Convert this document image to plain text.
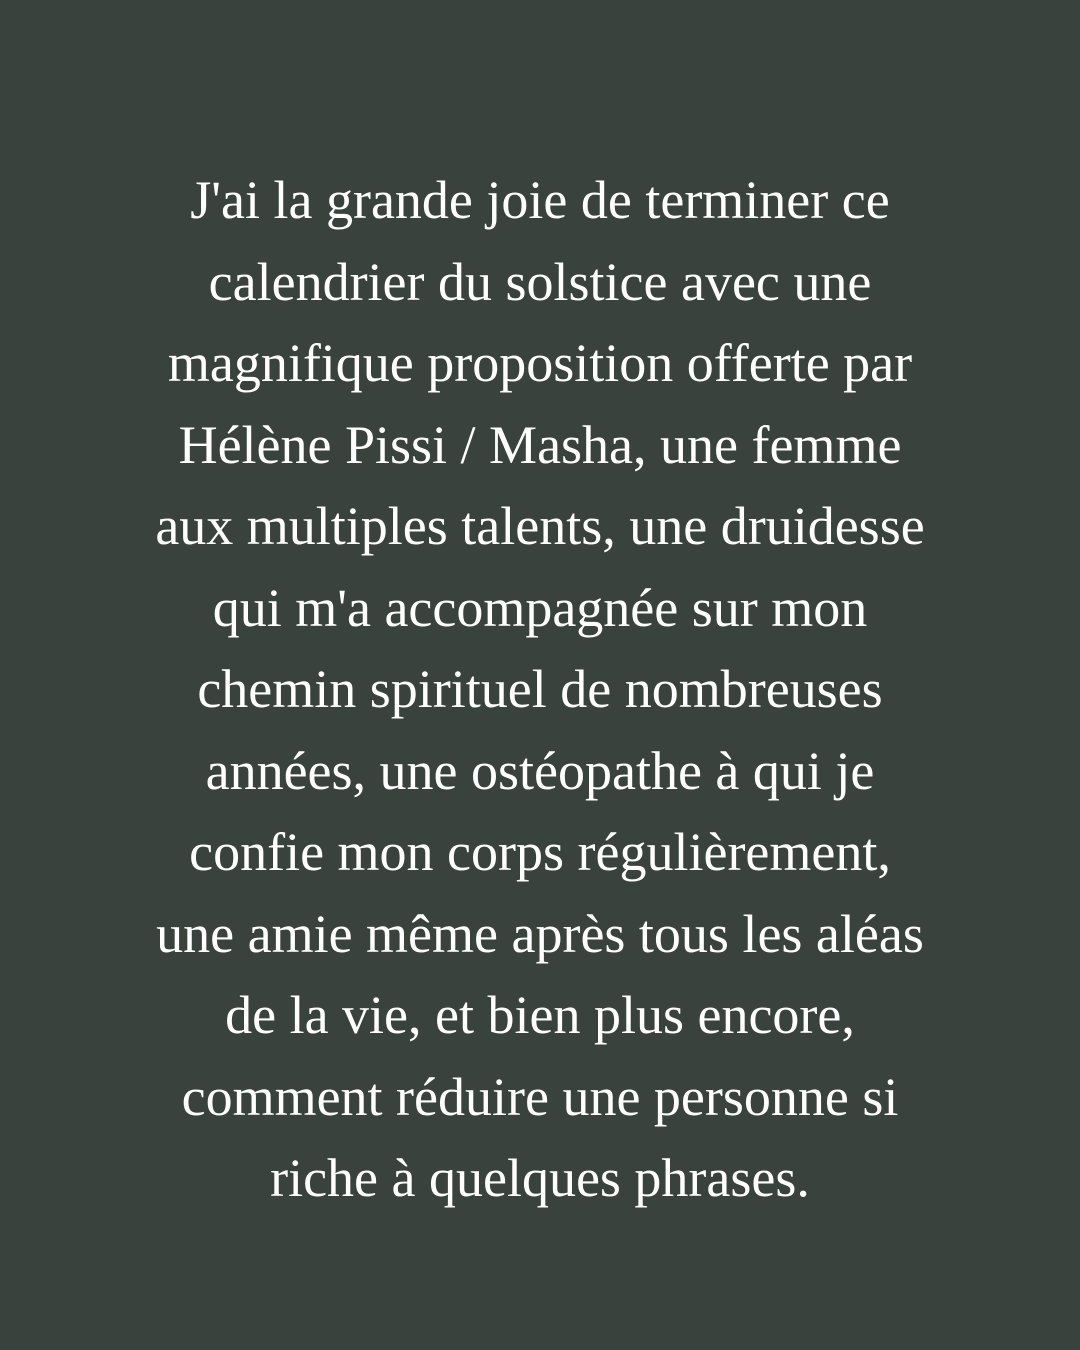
J'ai la grande joie de terminer ce
calendrier du solstice avec une
magnifique proposition offerte par
Hélène Pissi / Masha, une femme
aux multiples talents, une druidesse
qui m'a accompagnée sur mon
chemin spirituel de nombreuses
années, une ostéopathe à qui je
confie mon corps régulièrement,
une amie même après tous les aléas
de la vie, et bien plus encore,
comment réduire une personne si
riche à quelques phrases.
